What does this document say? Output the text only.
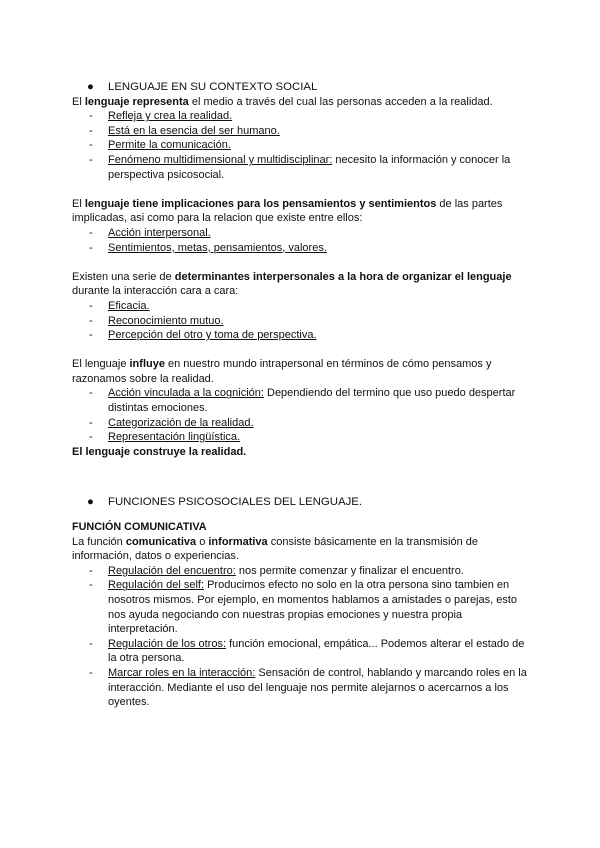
● LENGUAJE EN SU CONTEXTO SOCIAL

El lenguaje representa el medio a través del cual las personas acceden a la realidad.

- Refleja y crea la realidad.
- Está en la esencia del ser humano.
- Permite la comunicación.
- Fenómeno multidimensional y multidisciplinar: necesito la información y conocer la perspectiva psicosocial.

El lenguaje tiene implicaciones para los pensamientos y sentimientos de las partes implicadas, asi como para la relacion que existe entre ellos:

- Acción interpersonal.
- Sentimientos, metas, pensamientos, valores.

Existen una serie de determinantes interpersonales a la hora de organizar el lenguaje durante la interacción cara a cara:

- Eficacia.
- Reconocimiento mutuo.
- Percepción del otro y toma de perspectiva.

El lenguaje influye en nuestro mundo intrapersonal en términos de cómo pensamos y razonamos sobre la realidad.

- Acción vinculada a la cognición: Dependiendo del termino que uso puedo despertar distintas emociones.
- Categorización de la realidad.
- Representación lingüística.

El lenguaje construye la realidad.

● FUNCIONES PSICOSOCIALES DEL LENGUAJE.

FUNCIÓN COMUNICATIVA

La función comunicativa o informativa consiste básicamente en la transmisión de información, datos o experiencias.

- Regulación del encuentro: nos permite comenzar y finalizar el encuentro.
- Regulación del self: Producimos efecto no solo en la otra persona sino tambien en nosotros mismos. Por ejemplo, en momentos hablamos a amistades o parejas, esto nos ayuda negociando con nuestras propias emociones y nuestra propia interpretación.
- Regulación de los otros: función emocional, empática... Podemos alterar el estado de la otra persona.
- Marcar roles en la interacción: Sensación de control, hablando y marcando roles en la interacción. Mediante el uso del lenguaje nos permite alejarnos o acercarnos a los oyentes.
